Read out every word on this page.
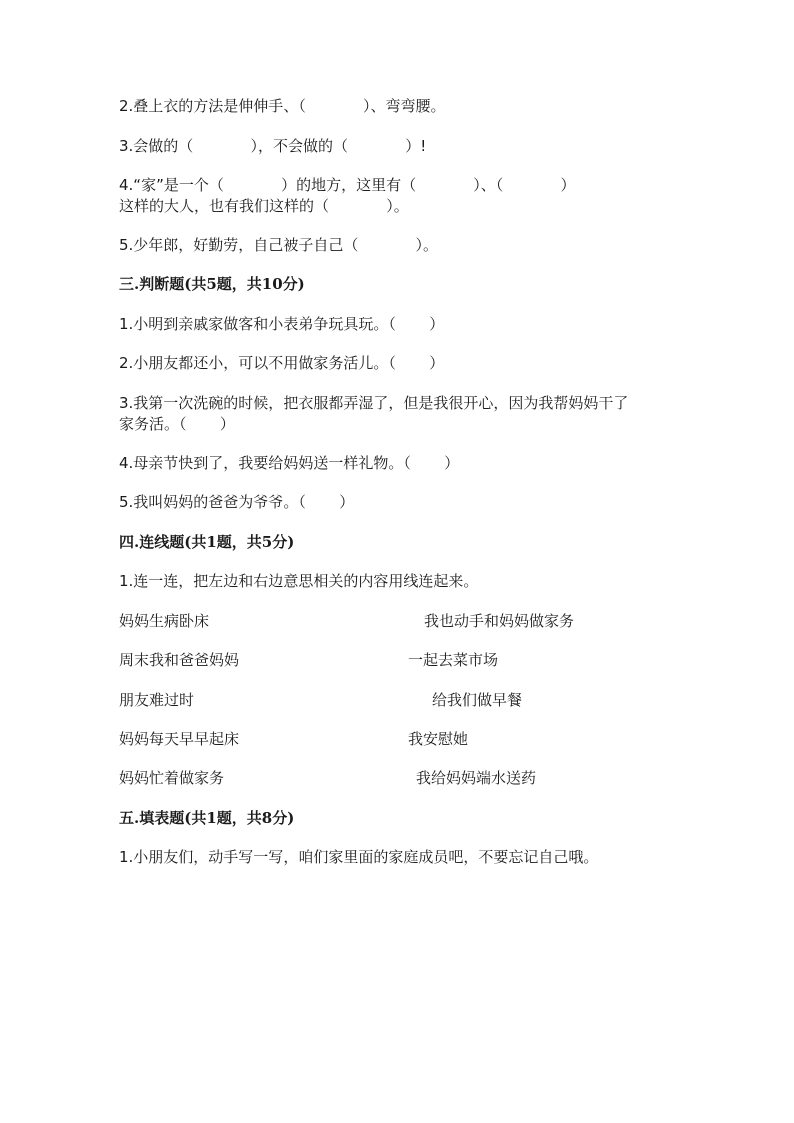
2.叠上衣的方法是伸伸手、（            ）、弯弯腰。
3.会做的（            ），不会做的（            ）!
4.“家”是一个（            ）的地方，这里有（            ）、（            ）
这样的大人，也有我们这样的（            ）。
5.少年郎，好勤劳，自己被子自己（            ）。
三.判断题(共5题，共10分)
1.小明到亲戚家做客和小表弟争玩具玩。（       ）
2.小朋友都还小，可以不用做家务活儿。（       ）
3.我第一次洗碗的时候，把衣服都弄湿了，但是我很开心，因为我帮妈妈干了
家务活。（       ）
4.母亲节快到了，我要给妈妈送一样礼物。（       ）
5.我叫妈妈的爸爸为爷爷。（       ）
四.连线题(共1题，共5分)
1.连一连，把左边和右边意思相关的内容用线连起来。
妈妈生病卧床	我也动手和妈妈做家务
周末我和爸爸妈妈	一起去菜市场
朋友难过时	给我们做早餐
妈妈每天早早起床	我安慰她
妈妈忙着做家务	我给妈妈端水送药
五.填表题(共1题，共8分)
1.小朋友们，动手写一写，咱们家里面的家庭成员吧，不要忘记自己哦。
